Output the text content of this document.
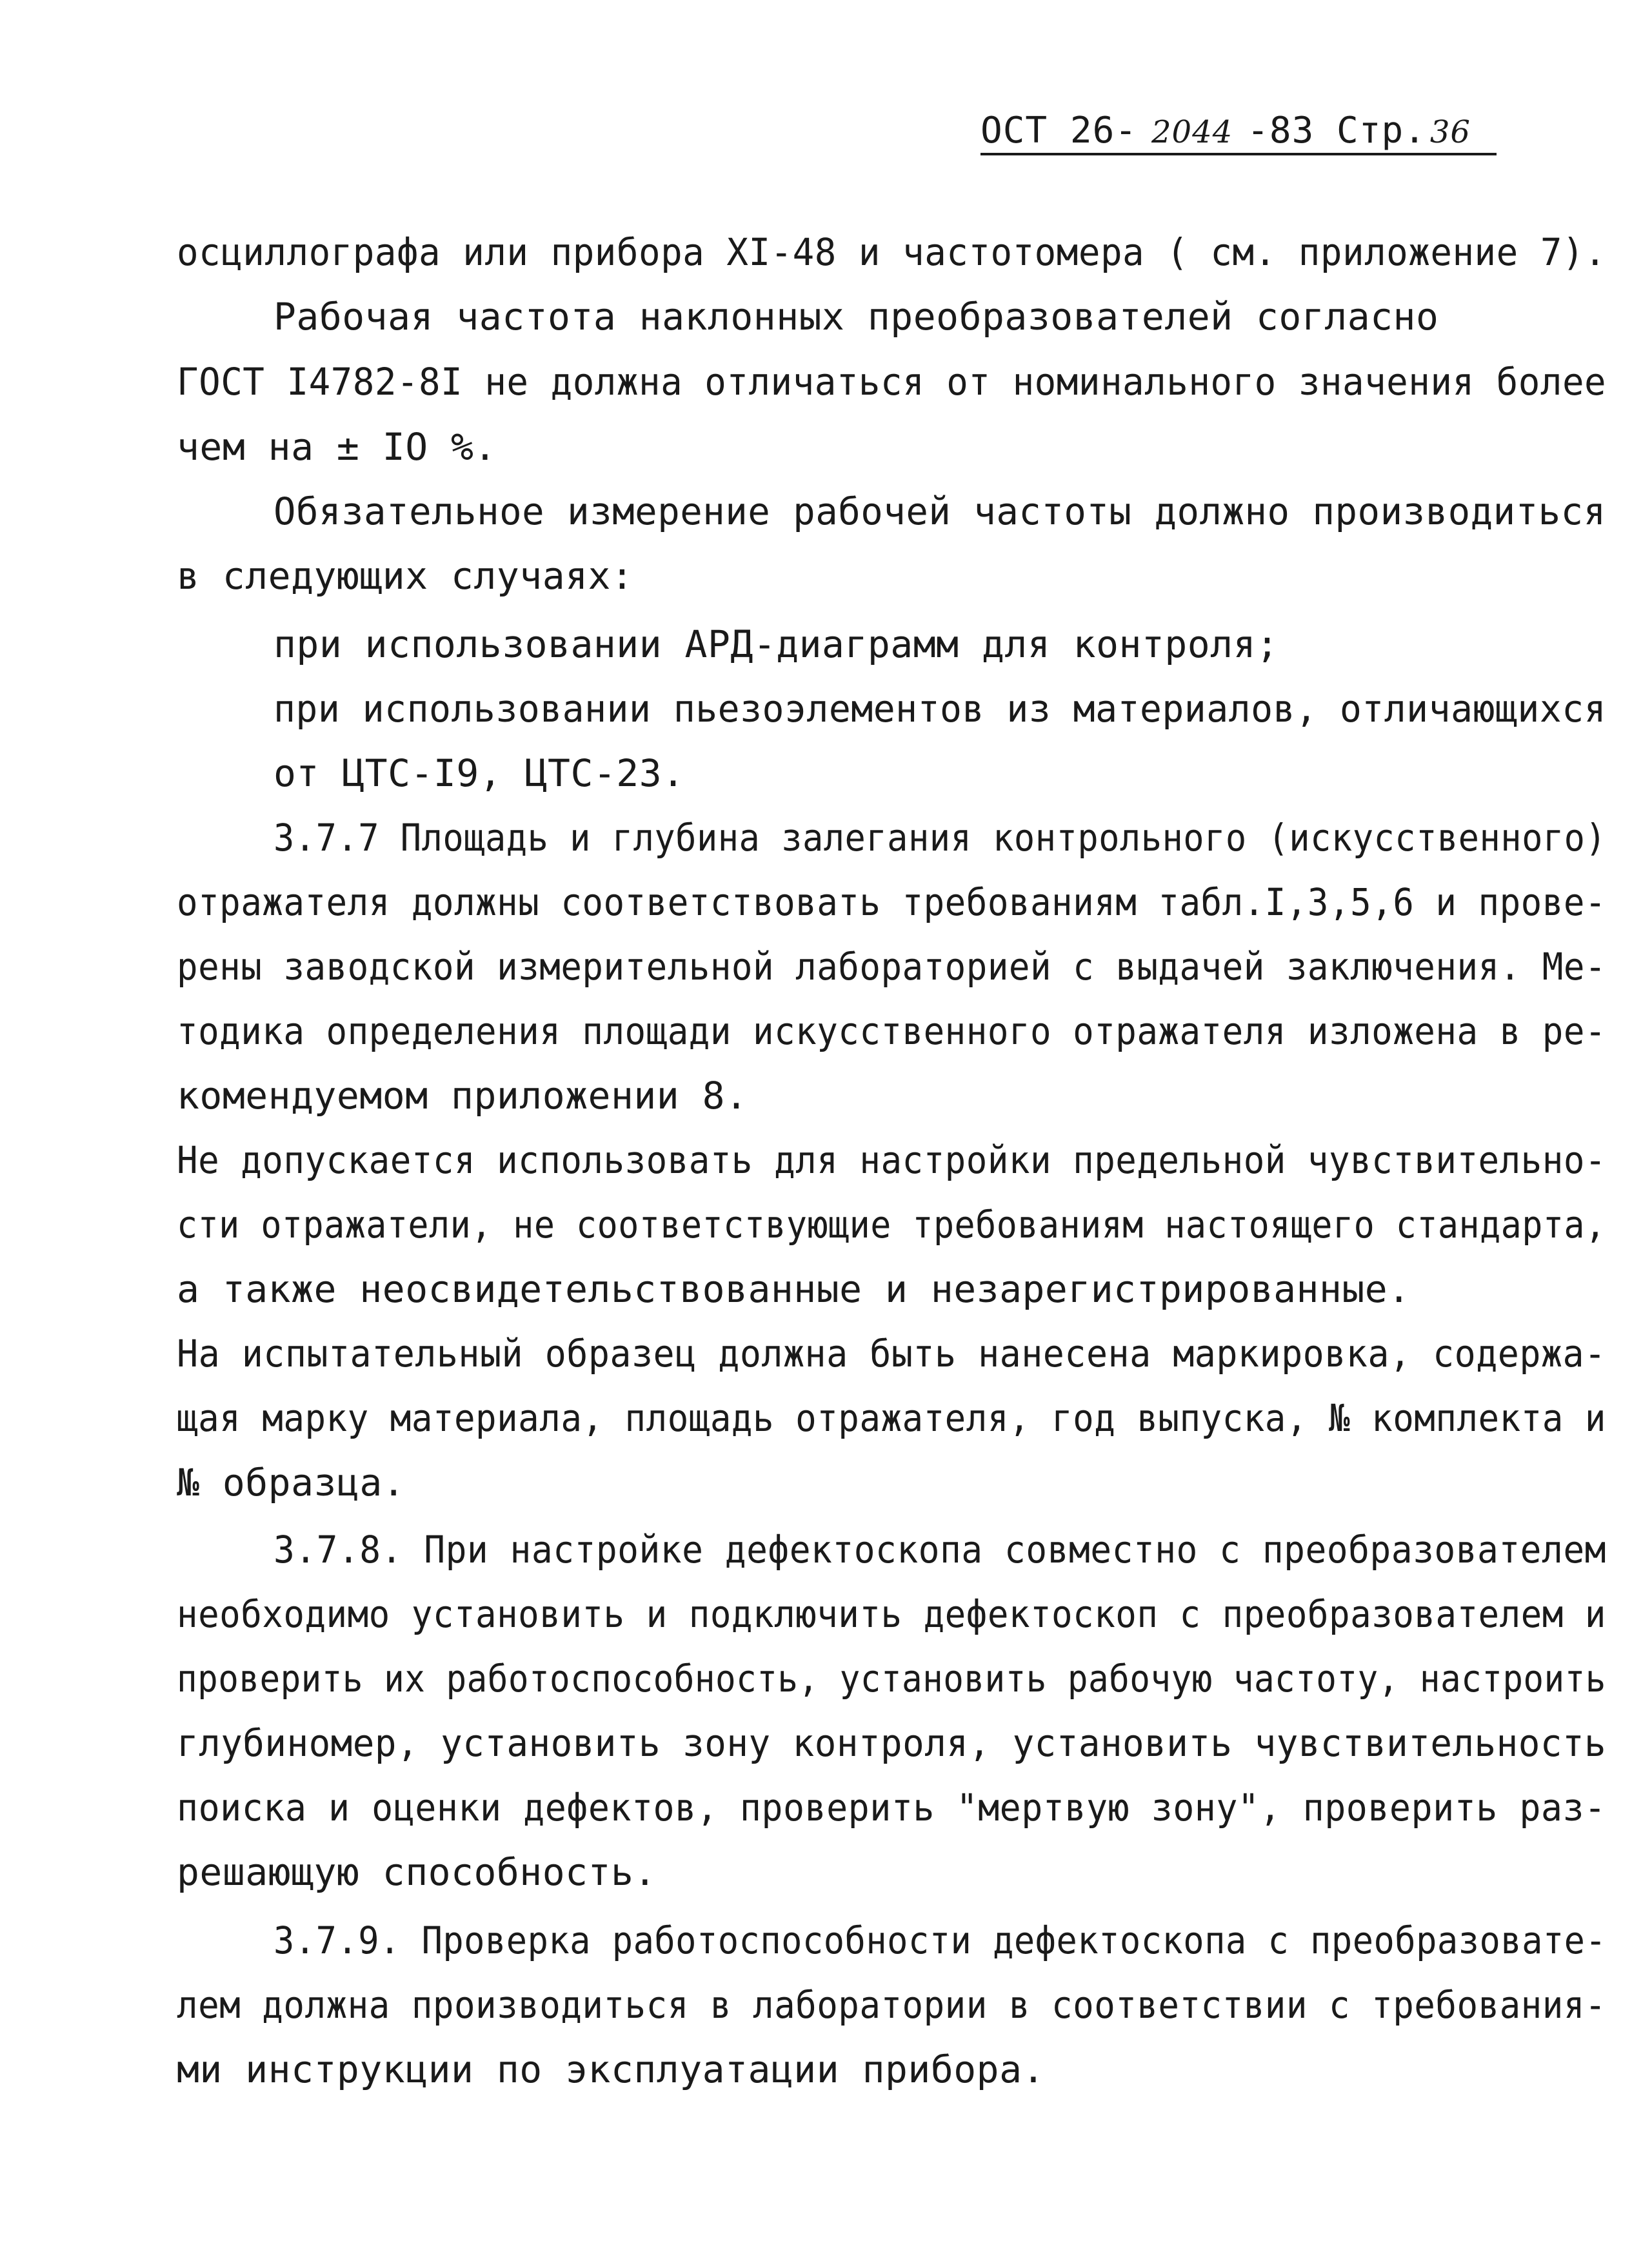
ОСТ 26- 2044 -83 Стр. 36
осциллографа или прибора XI-48 и частотомера ( см. приложение 7).
Рабочая частота наклонных преобразователей согласно
ГОСТ I4782-8I не должна отличаться от номинального значения более
чем на ± IO %.
Обязательное измерение рабочей частоты должно производиться
в следующих случаях:
при использовании АРД-диаграмм для контроля;
при использовании пьезоэлементов из материалов, отличающихся
от ЦТС-I9, ЦТС-23.
3.7.7 Площадь и глубина залегания контрольного (искусственного)
отражателя должны соответствовать требованиям табл.I,3,5,6 и прове-
рены заводской измерительной лабораторией с выдачей заключения. Ме-
тодика определения площади искусственного отражателя изложена в ре-
комендуемом приложении 8.
Не допускается использовать для настройки предельной чувствительно-
сти отражатели, не соответствующие требованиям настоящего стандарта,
а также неосвидетельствованные и незарегистрированные.
На испытательный образец должна быть нанесена маркировка, содержа-
щая марку материала, площадь отражателя, год выпуска, № комплекта и
№ образца.
3.7.8. При настройке дефектоскопа совместно с преобразователем
необходимо установить и подключить дефектоскоп с преобразователем и
проверить их работоспособность, установить рабочую частоту, настроить
глубиномер, установить зону контроля, установить чувствительность
поиска и оценки дефектов, проверить "мертвую зону", проверить раз-
решающую способность.
3.7.9. Проверка работоспособности дефектоскопа с преобразовате-
лем должна производиться в лаборатории в соответствии с требования-
ми инструкции по эксплуатации прибора.
